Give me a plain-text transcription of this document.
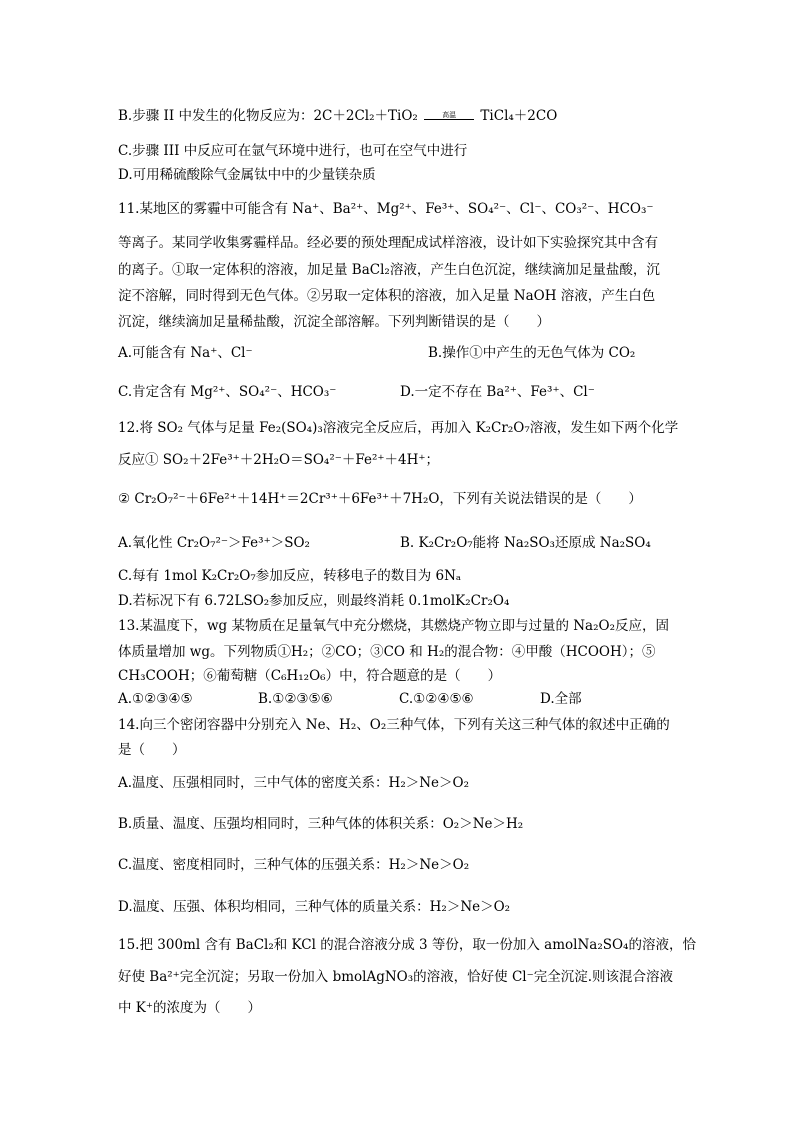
B.步骤 II 中发生的化物反应为：2C＋2Cl₂＋TiO₂	高温	TiCl₄＋2CO
C.步骤 III 中反应可在氩气环境中进行，也可在空气中进行
D.可用稀硫酸除气金属钛中中的少量镁杂质
11.某地区的雾霾中可能含有 Na⁺、Ba²⁺、Mg²⁺、Fe³⁺、SO₄²⁻、Cl⁻、CO₃²⁻、HCO₃⁻
等离子。某同学收集雾霾样品。经必要的预处理配成试样溶液，设计如下实验探究其中含有
的离子。①取一定体积的溶液，加足量 BaCl₂溶液，产生白色沉淀，继续滴加足量盐酸，沉
淀不溶解，同时得到无色气体。②另取一定体积的溶液，加入足量 NaOH 溶液，产生白色
沉淀，继续滴加足量稀盐酸，沉淀全部溶解。下列判断错误的是（　　）
A.可能含有 Na⁺、Cl⁻	B.操作①中产生的无色气体为 CO₂
C.肯定含有 Mg²⁺、SO₄²⁻、HCO₃⁻	D.一定不存在 Ba²⁺、Fe³⁺、Cl⁻
12.将 SO₂ 气体与足量 Fe₂(SO₄)₃溶液完全反应后，再加入 K₂Cr₂O₇溶液，发生如下两个化学
反应① SO₂＋2Fe³⁺＋2H₂O＝SO₄²⁻＋Fe²⁺＋4H⁺；
② Cr₂O₇²⁻＋6Fe²⁺＋14H⁺＝2Cr³⁺＋6Fe³⁺＋7H₂O，下列有关说法错误的是（　　）
A.氧化性 Cr₂O₇²⁻＞Fe³⁺＞SO₂	B. K₂Cr₂O₇能将 Na₂SO₃还原成 Na₂SO₄
C.每有 1mol K₂Cr₂O₇参加反应，转移电子的数目为 6Nₐ
D.若标况下有 6.72LSO₂参加反应，则最终消耗 0.1molK₂Cr₂O₄
13.某温度下，wg 某物质在足量氧气中充分燃烧，其燃烧产物立即与过量的 Na₂O₂反应，固
体质量增加 wg。下列物质①H₂；②CO；③CO 和 H₂的混合物：④甲酸（HCOOH）；⑤
CH₃COOH；⑥葡萄糖（C₆H₁₂O₆）中，符合题意的是（　　）
A.①②③④⑤	B.①②③⑤⑥	C.①②④⑤⑥	D.全部
14.向三个密闭容器中分别充入 Ne、H₂、O₂三种气体，下列有关这三种气体的叙述中正确的
是（　　）
A.温度、压强相同时，三中气体的密度关系：H₂＞Ne＞O₂
B.质量、温度、压强均相同时，三种气体的体积关系：O₂＞Ne＞H₂
C.温度、密度相同时，三种气体的压强关系：H₂＞Ne＞O₂
D.温度、压强、体积均相同，三种气体的质量关系：H₂＞Ne＞O₂
15.把 300ml 含有 BaCl₂和 KCl 的混合溶液分成 3 等份，取一份加入 amolNa₂SO₄的溶液，恰
好使 Ba²⁺完全沉淀；另取一份加入 bmolAgNO₃的溶液，恰好使 Cl⁻完全沉淀.则该混合溶液
中 K⁺的浓度为（　　）
